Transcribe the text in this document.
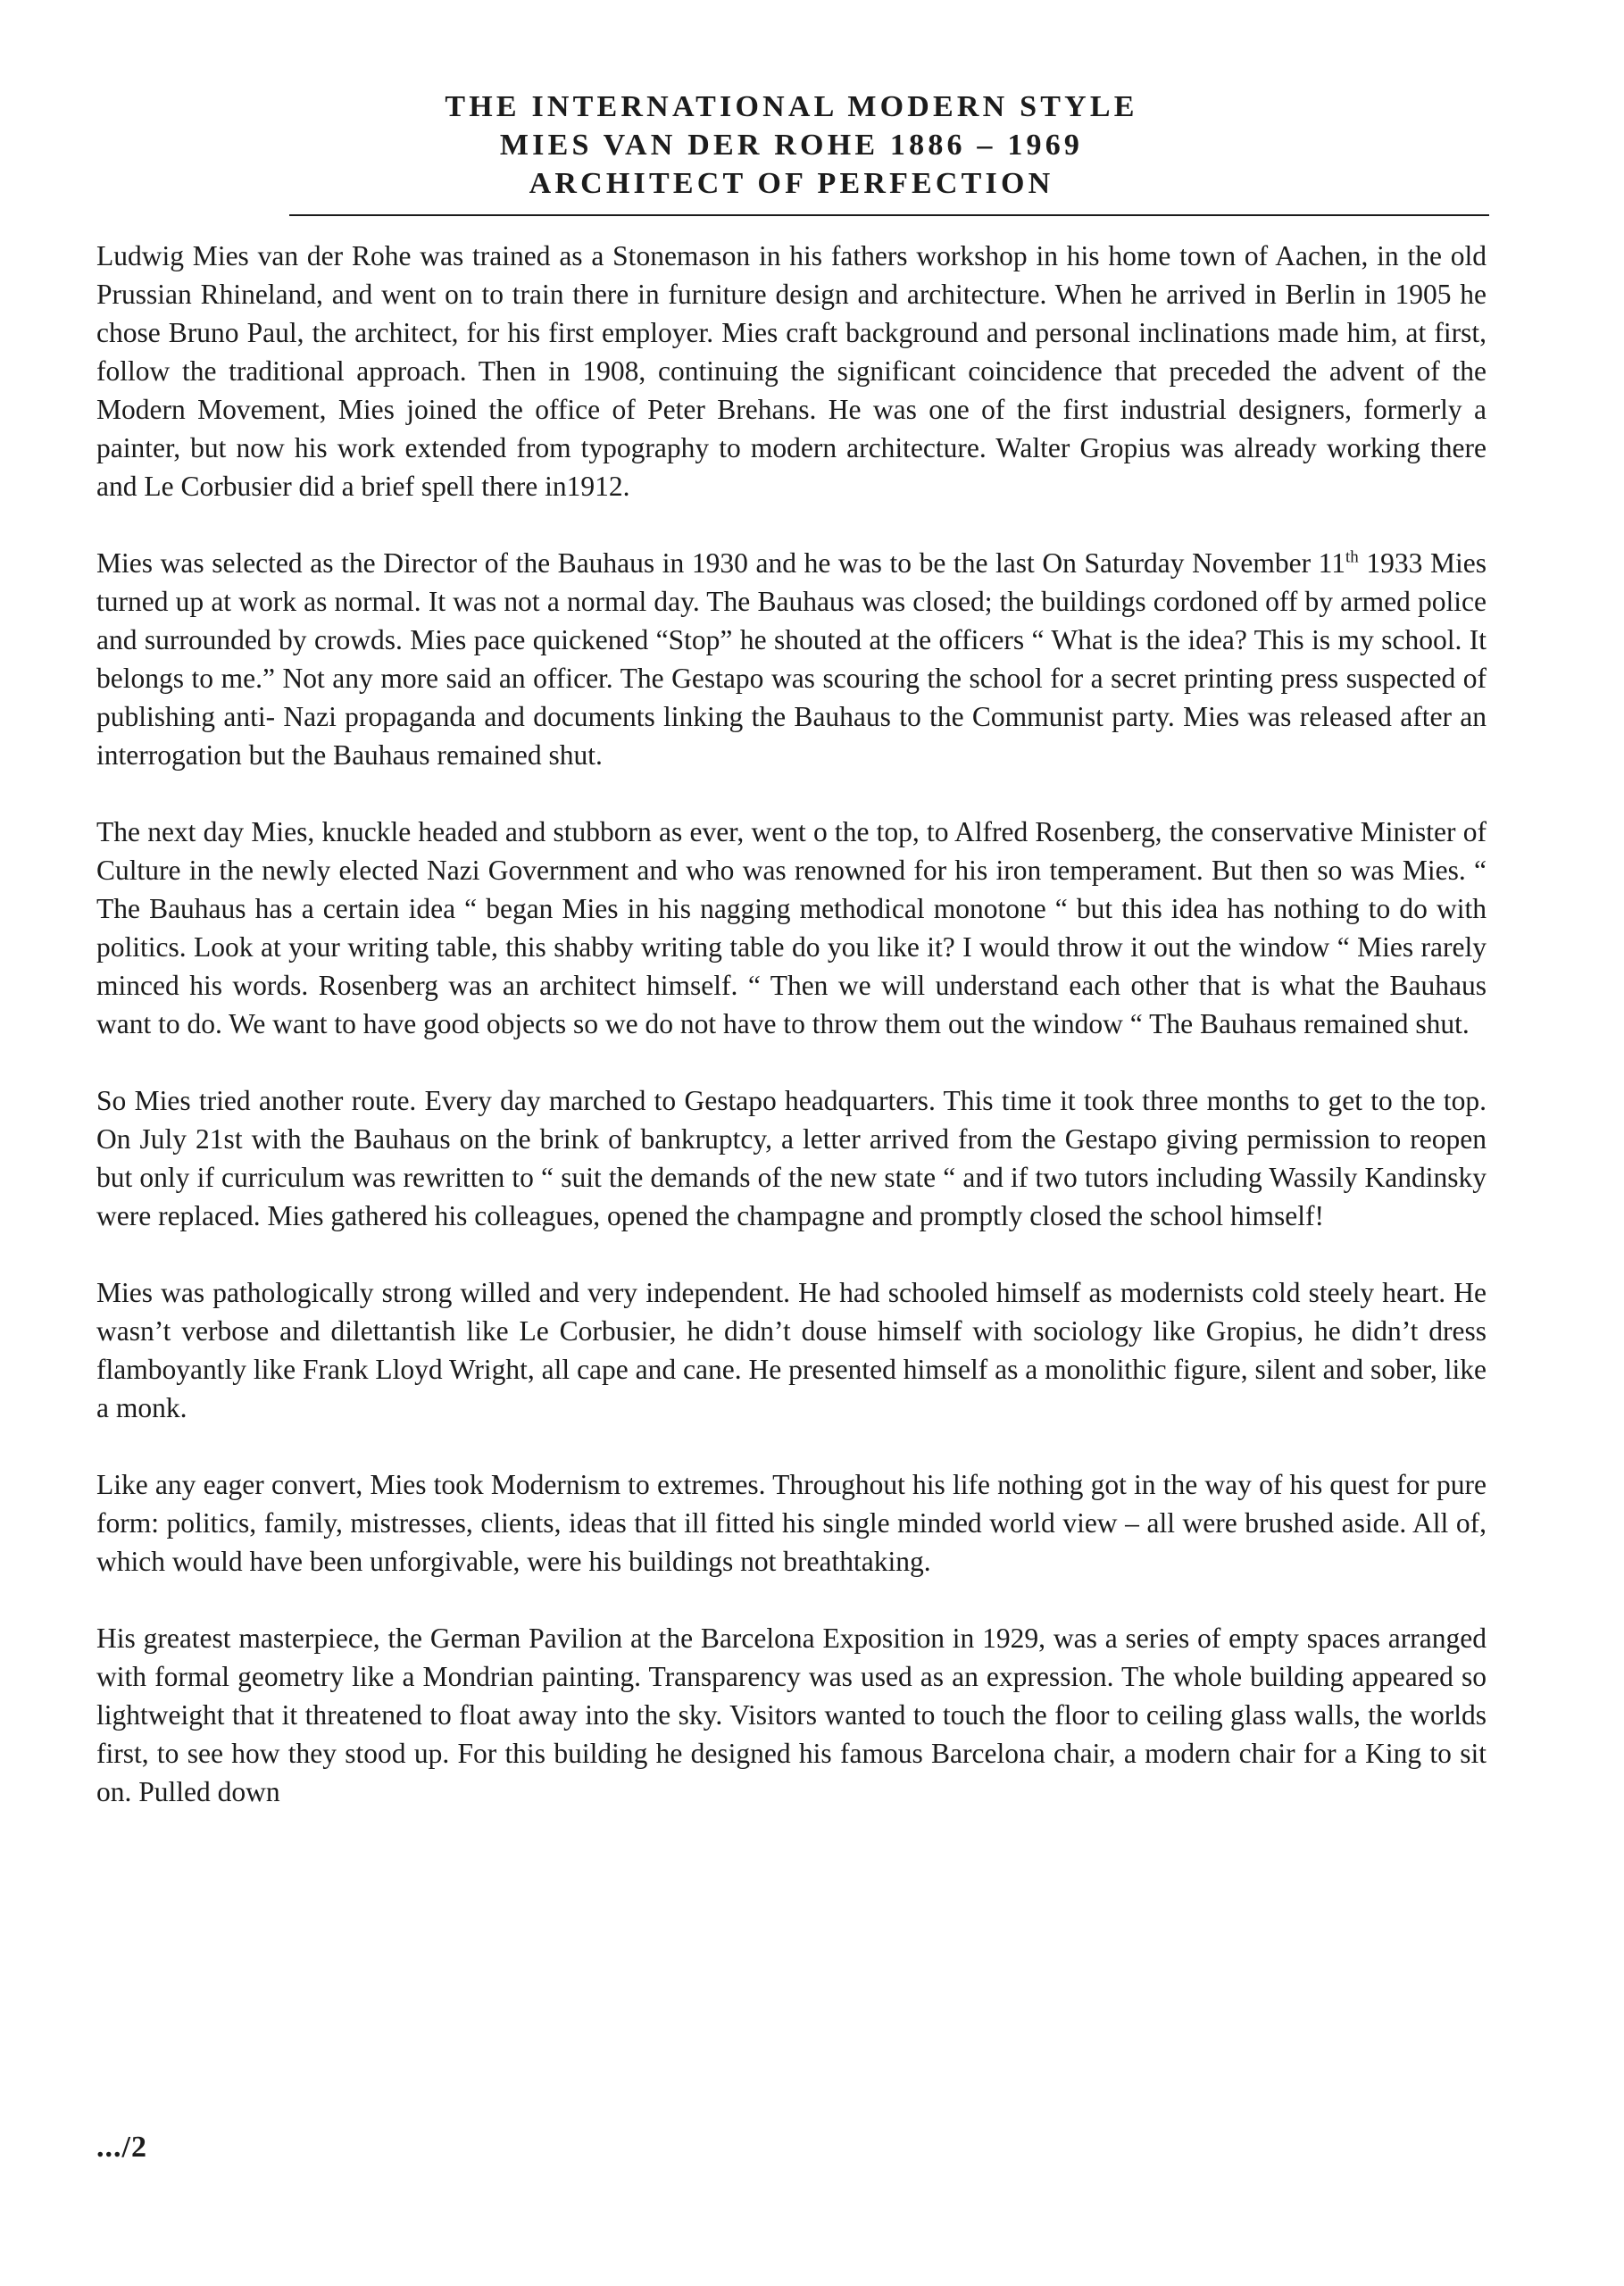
THE INTERNATIONAL MODERN STYLE
MIES VAN DER ROHE 1886 – 1969
ARCHITECT OF PERFECTION

Ludwig Mies van der Rohe was trained as a Stonemason in his fathers workshop in his home town of Aachen, in the old Prussian Rhineland, and went on to train there in furniture design and architecture. When he arrived in Berlin in 1905 he chose Bruno Paul, the architect, for his first employer. Mies craft background and personal inclinations made him, at first, follow the traditional approach. Then in 1908, continuing the significant coincidence that preceded the advent of the Modern Movement, Mies joined the office of Peter Brehans. He was one of the first industrial designers, formerly a painter, but now his work extended from typography to modern architecture. Walter Gropius was already working there and Le Corbusier did a brief spell there in1912.

Mies was selected as the Director of the Bauhaus in 1930 and he was to be the last On Saturday November 11th 1933 Mies turned up at work as normal. It was not a normal day. The Bauhaus was closed; the buildings cordoned off by armed police and surrounded by crowds. Mies pace quickened “Stop” he shouted at the officers “ What is the idea? This is my school. It belongs to me.” Not any more said an officer. The Gestapo was scouring the school for a secret printing press suspected of publishing anti- Nazi propaganda and documents linking the Bauhaus to the Communist party. Mies was released after an interrogation but the Bauhaus remained shut.

The next day Mies, knuckle headed and stubborn as ever, went o the top, to Alfred Rosenberg, the conservative Minister of Culture in the newly elected Nazi Government and who was renowned for his iron temperament. But then so was Mies. “ The Bauhaus has a certain idea “ began Mies in his nagging methodical monotone “ but this idea has nothing to do with politics. Look at your writing table, this shabby writing table do you like it? I would throw it out the window “ Mies rarely minced his words. Rosenberg was an architect himself. “ Then we will understand each other that is what the Bauhaus want to do. We want to have good objects so we do not have to throw them out the window “ The Bauhaus remained shut.

So Mies tried another route. Every day marched to Gestapo headquarters. This time it took three months to get to the top. On July 21st with the Bauhaus on the brink of bankruptcy, a letter arrived from the Gestapo giving permission to reopen but only if curriculum was rewritten to “ suit the demands of the new state “ and if two tutors including Wassily Kandinsky were replaced. Mies gathered his colleagues, opened the champagne and promptly closed the school himself!

Mies was pathologically strong willed and very independent. He had schooled himself as modernists cold steely heart. He wasn’t verbose and dilettantish like Le Corbusier, he didn’t douse himself with sociology like Gropius, he didn’t dress flamboyantly like Frank Lloyd Wright, all cape and cane. He presented himself as a monolithic figure, silent and sober, like a monk.

Like any eager convert, Mies took Modernism to extremes. Throughout his life nothing got in the way of his quest for pure form: politics, family, mistresses, clients, ideas that ill fitted his single minded world view – all were brushed aside. All of, which would have been unforgivable, were his buildings not breathtaking.

His greatest masterpiece, the German Pavilion at the Barcelona Exposition in 1929, was a series of empty spaces arranged with formal geometry like a Mondrian painting. Transparency was used as an expression. The whole building appeared so lightweight that it threatened to float away into the sky. Visitors wanted to touch the floor to ceiling glass walls, the worlds first, to see how they stood up. For this building he designed his famous Barcelona chair, a modern chair for a King to sit on. Pulled down

.../2
